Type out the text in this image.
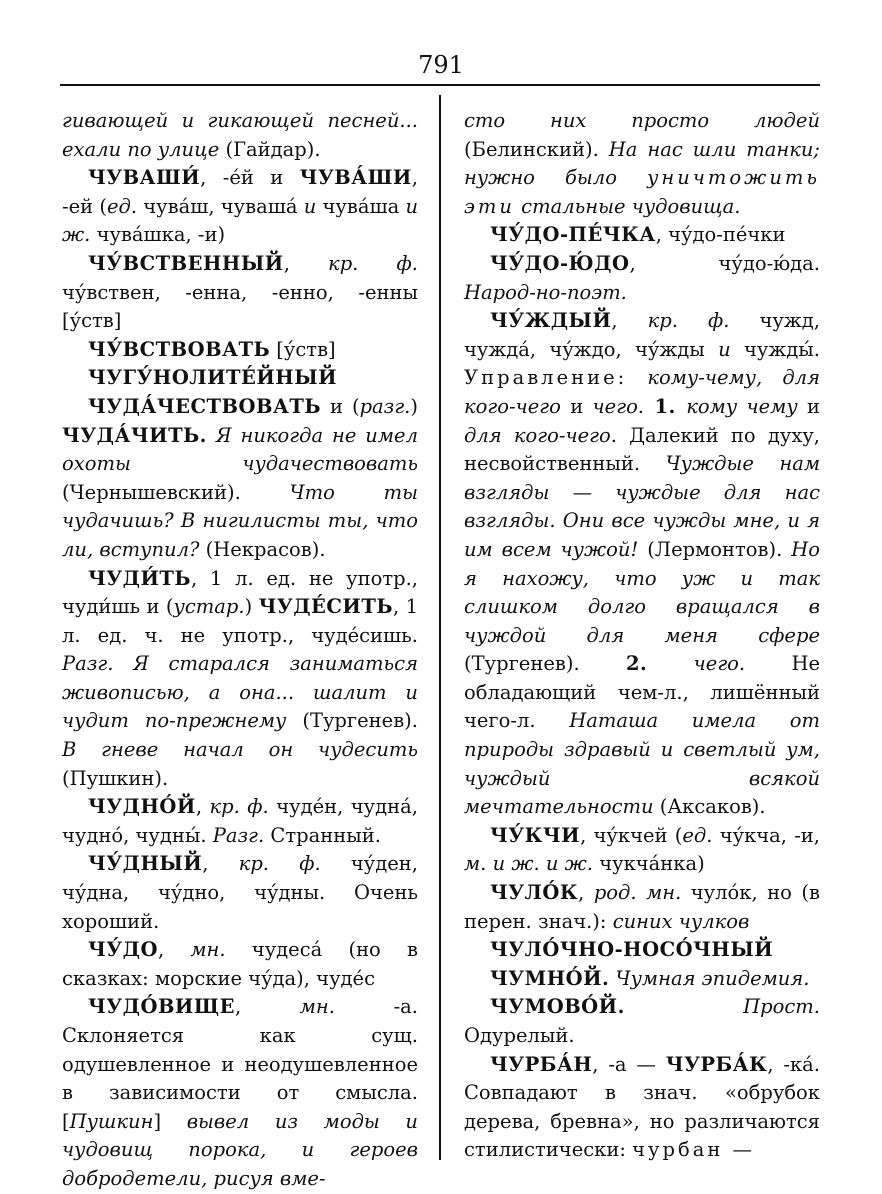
791

гивающей и гикающей песней... ехали по улице (Гайдар).

ЧУВАШИ́, -е́й и ЧУВА́ШИ, -ей (ед. чува́ш, чуваша́ и чува́ша и ж. чува́шка, -и)

ЧУ́ВСТВЕННЫЙ, кр. ф. чу́вствен, -енна, -енно, -енны [у́ств]

ЧУ́ВСТВОВАТЬ [у́ств]

ЧУГУ́НОЛИТЕ́ЙНЫЙ

ЧУДА́ЧЕСТВОВАТЬ и (разг.) ЧУДА́ЧИТЬ. Я никогда не имел охоты чудачествовать (Чернышевский). Что ты чудачишь? В нигилисты ты, что ли, вступил? (Некрасов).

ЧУДИ́ТЬ, 1 л. ед. не употр., чуди́шь и (устар.) ЧУДЕ́СИТЬ, 1 л. ед. ч. не употр., чуде́сишь. Разг. Я старался заниматься живописью, а она... шалит и чудит по-прежнему (Тургенев). В гневе начал он чудесить (Пушкин).

ЧУДНО́Й, кр. ф. чуде́н, чудна́, чудно́, чудны́. Разг. Странный.

ЧУ́ДНЫЙ, кр. ф. чу́ден, чу́дна, чу́дно, чу́дны. Очень хороший.

ЧУ́ДО, мн. чудеса́ (но в сказках: морские чу́да), чуде́с

ЧУДО́ВИЩЕ, мн. -а. Склоняется как сущ. одушевленное и неодушевленное в зависимости от смысла. [Пушкин] вывел из моды и чудовищ порока, и героев добродетели, рисуя вме-

сто них просто людей (Белинский). На нас шли танки; нужно было уничтожить эти стальные чудовища.

ЧУ́ДО-ПЕ́ЧКА, чу́до-пе́чки

ЧУ́ДО-Ю́ДО, чу́до-ю́да. Народ-но-поэт.

ЧУ́ЖДЫЙ, кр. ф. чужд, чужда́, чу́ждо, чу́жды и чужды́. Управление: кому-чему, для кого-чего и чего. 1. кому чему и для кого-чего. Далекий по духу, несвойственный. Чуждые нам взгляды — чуждые для нас взгляды. Они все чужды мне, и я им всем чужой! (Лермонтов). Но я нахожу, что уж и так слишком долго вращался в чуждой для меня сфере (Тургенев). 2. чего. Не обладающий чем-л., лишённый чего-л. Наташа имела от природы здравый и светлый ум, чуждый всякой мечтательности (Аксаков).

ЧУ́КЧИ, чу́кчей (ед. чу́кча, -и, м. и ж. и ж. чукча́нка)

ЧУЛО́К, род. мн. чуло́к, но (в перен. знач.): синих чулков

ЧУЛО́ЧНО-НОСО́ЧНЫЙ

ЧУМНО́Й. Чумная эпидемия.

ЧУМОВО́Й.	Прост. Одурелый.

ЧУРБА́Н, -а — ЧУРБА́К, -ка́. Совпадают в знач. «обрубок дерева, бревна», но различаются стилистически: чурбан —
